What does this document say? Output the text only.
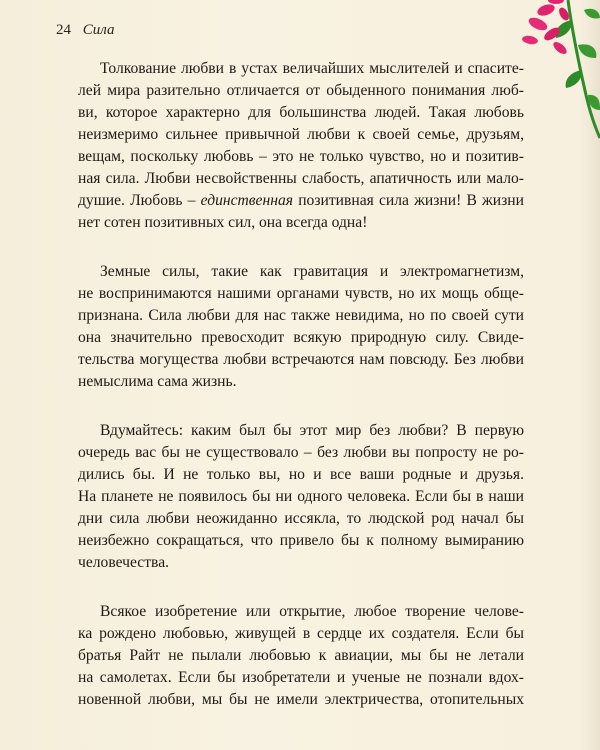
24 Сила
Толкование любви в устах величайших мыслителей и спасите-
лей мира разительно отличается от обыденного понимания люб-
ви, которое характерно для большинства людей. Такая любовь
неизмеримо сильнее привычной любви к своей семье, друзьям,
вещам, поскольку любовь – это не только чувство, но и позитив-
ная сила. Любви несвойственны слабость, апатичность или мало-
душие. Любовь – единственная позитивная сила жизни! В жизни
нет сотен позитивных сил, она всегда одна!
Земные силы, такие как гравитация и электромагнетизм,
не воспринимаются нашими органами чувств, но их мощь обще-
признана. Сила любви для нас также невидима, но по своей сути
она значительно превосходит всякую природную силу. Свиде-
тельства могущества любви встречаются нам повсюду. Без любви
немыслима сама жизнь.
Вдумайтесь: каким был бы этот мир без любви? В первую
очередь вас бы не существовало – без любви вы попросту не ро-
дились бы. И не только вы, но и все ваши родные и друзья.
На планете не появилось бы ни одного человека. Если бы в наши
дни сила любви неожиданно иссякла, то людской род начал бы
неизбежно сокращаться, что привело бы к полному вымиранию
человечества.
Всякое изобретение или открытие, любое творение челове-
ка рождено любовью, живущей в сердце их создателя. Если бы
братья Райт не пылали любовью к авиации, мы бы не летали
на самолетах. Если бы изобретатели и ученые не познали вдох-
новенной любви, мы бы не имели электричества, отопительных
